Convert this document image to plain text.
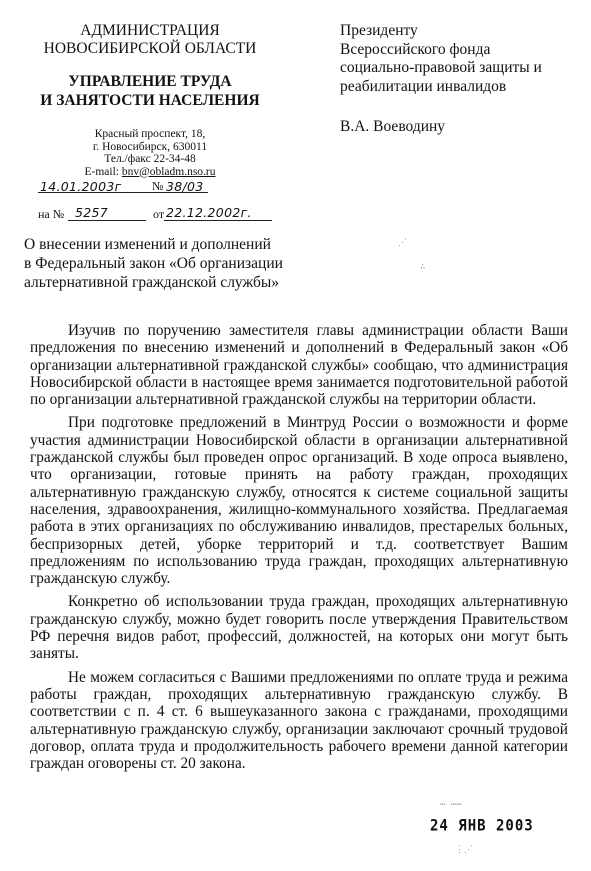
АДМИНИСТРАЦИЯ

НОВОСИБИРСКОЙ ОБЛАСТИ

УПРАВЛЕНИЕ ТРУДА

И ЗАНЯТОСТИ НАСЕЛЕНИЯ

Красный проспект, 18,
г. Новосибирск, 630011
Тел./факс 22-34-48
E-mail: bnv@obladm.nso.ru
14.01.2003г	№ 38/03
на № 5257	от 22.12.2002г.
О внесении изменений и дополнений
в Федеральный закон «Об организации
альтернативной гражданской службы»
Президенту
Всероссийского фонда
социально-правовой защиты и
реабилитации инвалидов
В.А. Воеводину

Изучив по поручению заместителя главы администрации области Ваши предложения по внесению изменений и дополнений в Федеральный закон «Об организации альтернативной гражданской службы» сообщаю, что администрация Новосибирской области в настоящее время занимается подготовительной работой по организации альтернативной гражданской службы на территории области.

При подготовке предложений в Минтруд России о возможности и форме участия администрации Новосибирской области в организации альтернативной гражданской службы был проведен опрос организаций. В ходе опроса выявлено, что организации, готовые принять на работу граждан, проходящих альтернативную гражданскую службу, относятся к системе социальной защиты населения, здравоохранения, жилищно-коммунального хозяйства. Предлагаемая работа в этих организациях по обслуживанию инвалидов, престарелых больных, беспризорных детей, уборке территорий и т.д. соответствует Вашим предложениям по использованию труда граждан, проходящих альтернативную гражданскую службу.

Конкретно об использовании труда граждан, проходящих альтернативную гражданскую службу, можно будет говорить после утверждения Правительством РФ перечня видов работ, профессий, должностей, на которых они могут быть заняты.

Не можем согласиться с Вашими предложениями по оплате труда и режима работы граждан, проходящих альтернативную гражданскую службу. В соответствии с п. 4 ст. 6 вышеуказанного закона с гражданами, проходящими альтернативную гражданскую службу, организации заключают срочный трудовой договор, оплата труда и продолжительность рабочего времени данной категории граждан оговорены ст. 20 закона.

24 ЯНВ 2003
⋰
∴
⋯ ⋯⋯
⋮⋰
